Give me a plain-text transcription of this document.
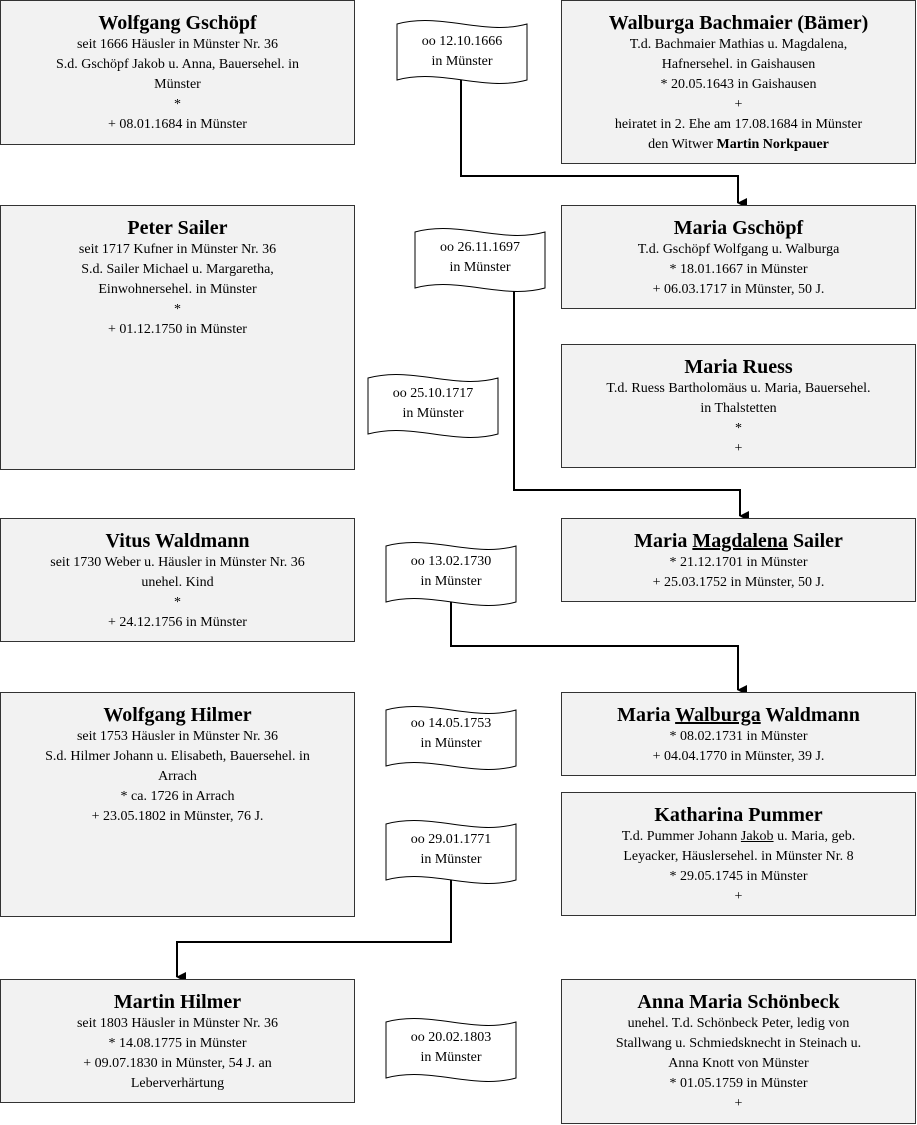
Wolfgang Gschöpf
seit 1666 Häusler in Münster Nr. 36
S.d. Gschöpf Jakob u. Anna, Bauersehel. in
Münster
*
+ 08.01.1684 in Münster
Walburga Bachmaier (Bämer)
T.d. Bachmaier Mathias u. Magdalena,
Hafnersehel. in Gaishausen
* 20.05.1643 in Gaishausen
+
heiratet in 2. Ehe am 17.08.1684 in Münster
den Witwer Martin Norkpauer
Peter Sailer
seit 1717 Kufner in Münster Nr. 36
S.d. Sailer Michael u. Margaretha,
Einwohnersehel. in Münster
*
+ 01.12.1750 in Münster
Maria Gschöpf
T.d. Gschöpf Wolfgang u. Walburga
* 18.01.1667 in Münster
+ 06.03.1717 in Münster, 50 J.
Maria Ruess
T.d. Ruess Bartholomäus u. Maria, Bauersehel.
in Thalstetten
*
+
Vitus Waldmann
seit 1730 Weber u. Häusler in Münster Nr. 36
unehel. Kind
*
+ 24.12.1756 in Münster
Maria Magdalena Sailer
* 21.12.1701 in Münster
+ 25.03.1752 in Münster, 50 J.
Wolfgang Hilmer
seit 1753 Häusler in Münster Nr. 36
S.d. Hilmer Johann u. Elisabeth, Bauersehel. in
Arrach
* ca. 1726 in Arrach
+ 23.05.1802 in Münster, 76 J.
Maria Walburga Waldmann
* 08.02.1731 in Münster
+ 04.04.1770 in Münster, 39 J.
Katharina Pummer
T.d. Pummer Johann Jakob u. Maria, geb.
Leyacker, Häuslersehel. in Münster Nr. 8
* 29.05.1745 in Münster
+
Martin Hilmer
seit 1803 Häusler in Münster Nr. 36
* 14.08.1775 in Münster
+ 09.07.1830 in Münster, 54 J. an
Leberverhärtung
Anna Maria Schönbeck
unehel. T.d. Schönbeck Peter, ledig von
Stallwang u. Schmiedsknecht in Steinach u.
Anna Knott von Münster
* 01.05.1759 in Münster
+
oo 12.10.1666
in Münster
oo 26.11.1697
in Münster
oo 25.10.1717
in Münster
oo 13.02.1730
in Münster
oo 14.05.1753
in Münster
oo 29.01.1771
in Münster
oo 20.02.1803
in Münster
